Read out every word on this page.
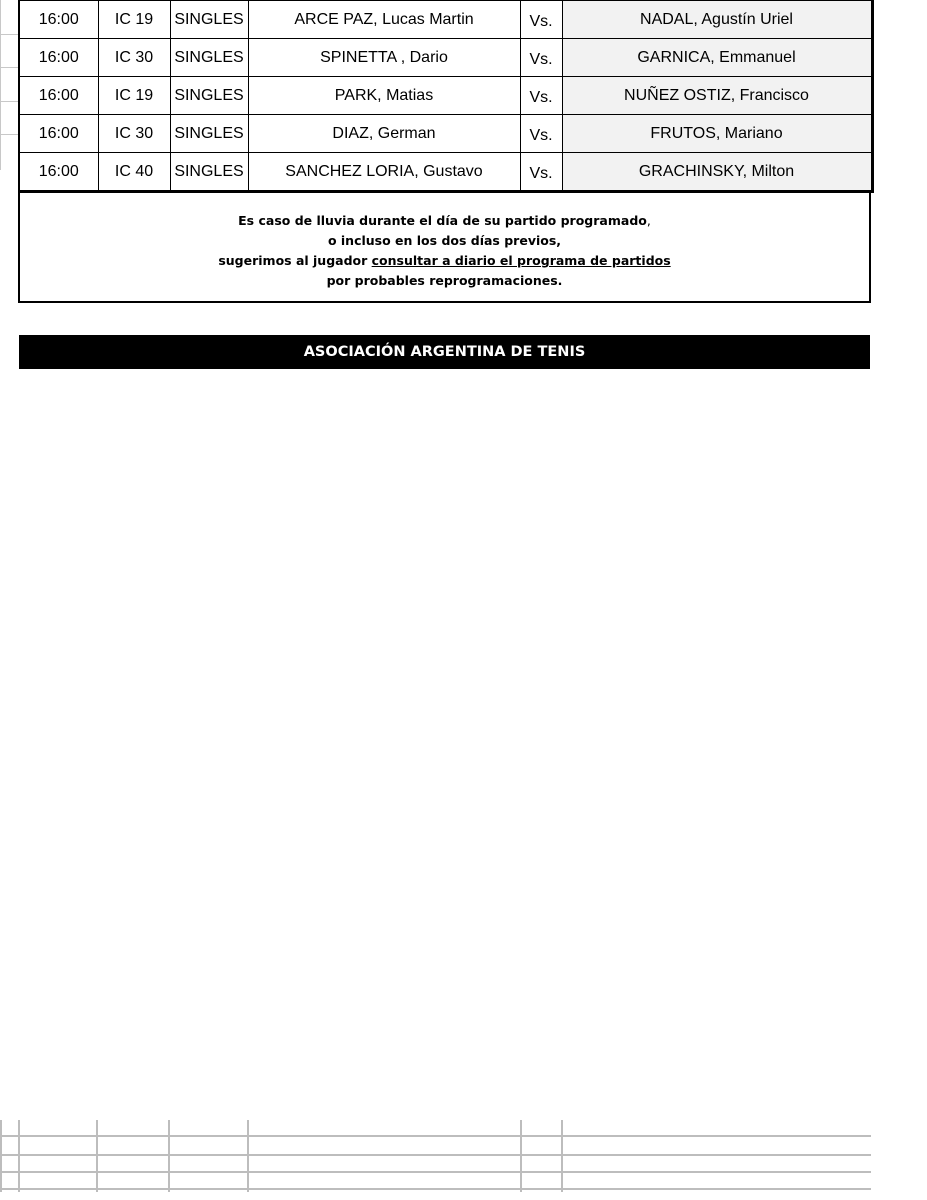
16:00	IC 19	SINGLES	ARCE PAZ, Lucas Martin	Vs.	NADAL, Agustín Uriel
16:00	IC 30	SINGLES	SPINETTA , Dario	Vs.	GARNICA, Emmanuel
16:00	IC 19	SINGLES	PARK, Matias	Vs.	NUÑEZ OSTIZ, Francisco
16:00	IC 30	SINGLES	DIAZ, German	Vs.	FRUTOS, Mariano
16:00	IC 40	SINGLES	SANCHEZ LORIA, Gustavo	Vs.	GRACHINSKY, Milton
Es caso de lluvia durante el día de su partido programado,
o incluso en los dos días previos,
sugerimos al jugador consultar a diario el programa de partidos
por probables reprogramaciones.
ASOCIACIÓN ARGENTINA DE TENIS
